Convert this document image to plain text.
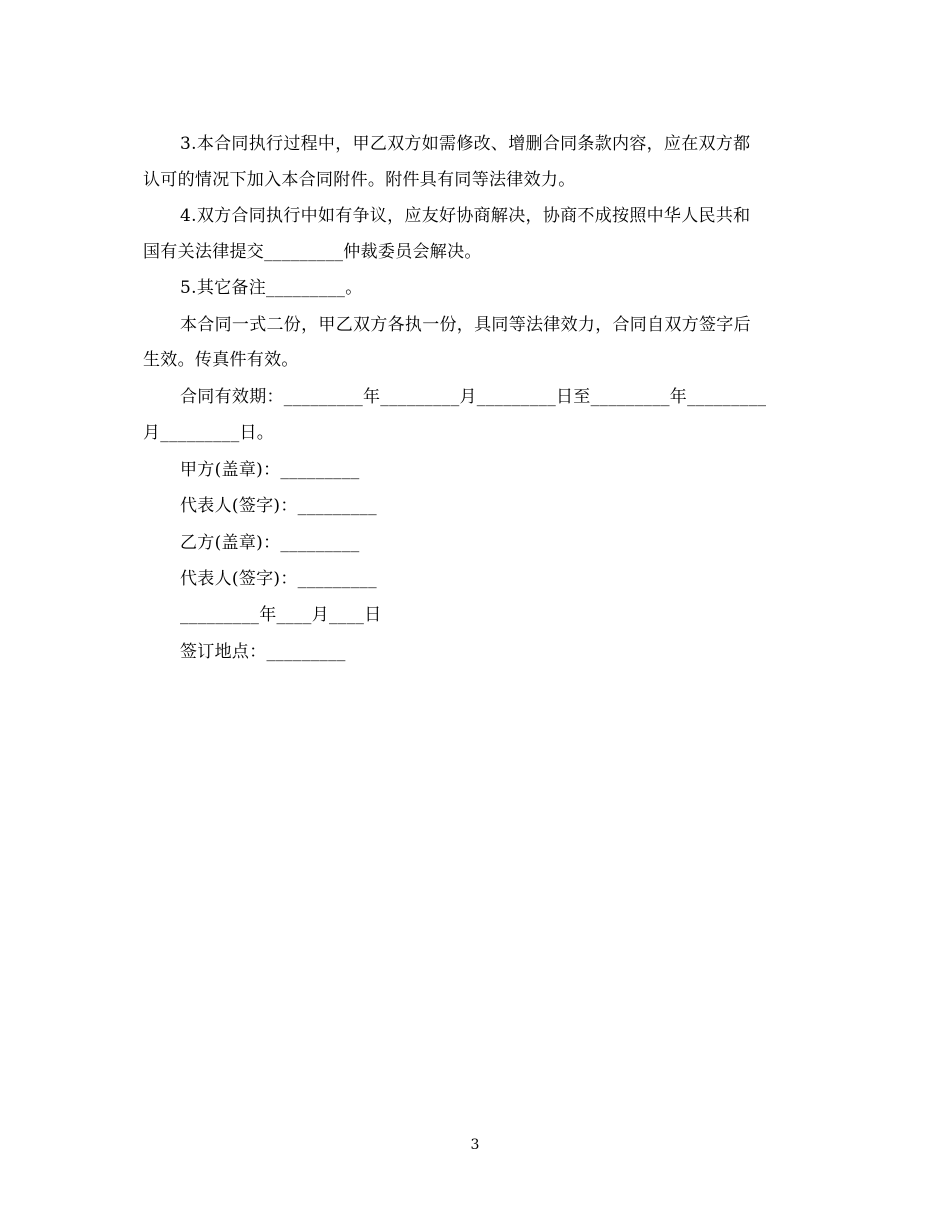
3.本合同执行过程中，甲乙双方如需修改、增删合同条款内容，应在双方都
认可的情况下加入本合同附件。附件具有同等法律效力。
4.双方合同执行中如有争议，应友好协商解决，协商不成按照中华人民共和
国有关法律提交_________仲裁委员会解决。
5.其它备注_________。
本合同一式二份，甲乙双方各执一份，具同等法律效力，合同自双方签字后
生效。传真件有效。
合同有效期：_________年_________月_________日至_________年_________
月_________日。
甲方(盖章)：_________
代表人(签字)：_________
乙方(盖章)：_________
代表人(签字)：_________
_________年____月____日
签订地点：_________
3
